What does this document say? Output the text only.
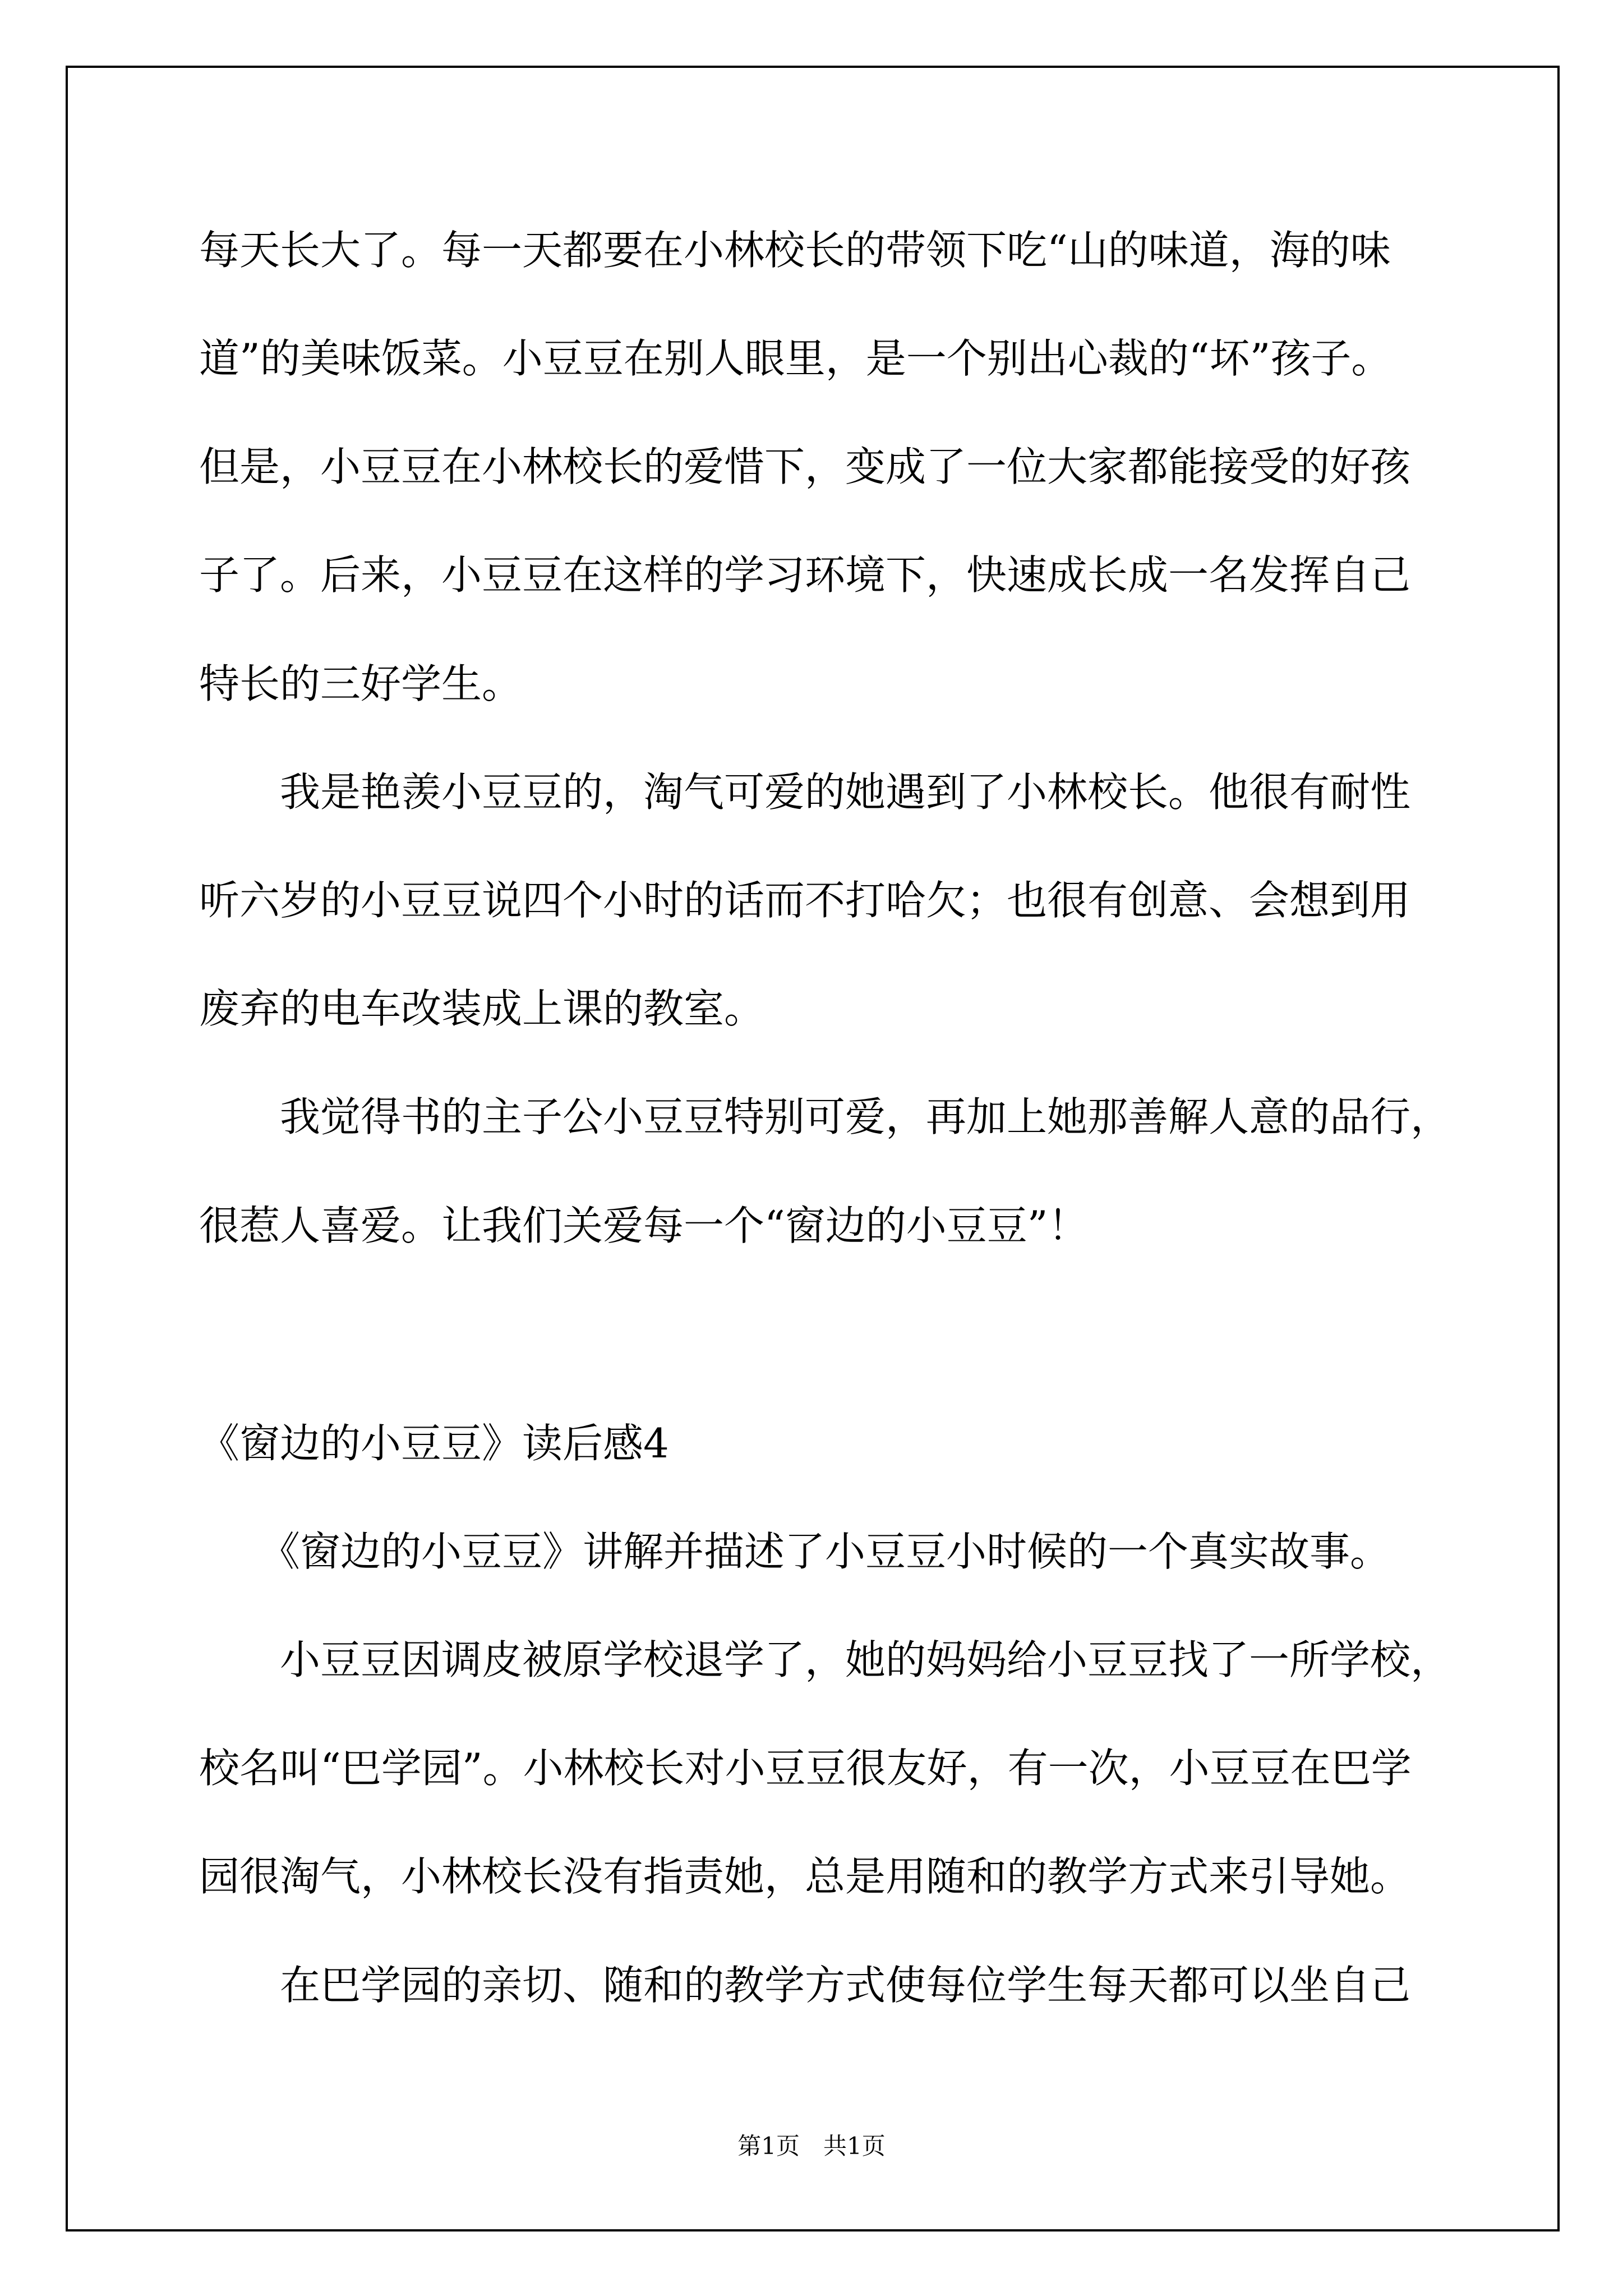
每天长大了。每一天都要在小林校长的带领下吃“山的味道，海的味

道”的美味饭菜。小豆豆在别人眼里，是一个别出心裁的“坏”孩子。

但是，小豆豆在小林校长的爱惜下，变成了一位大家都能接受的好孩

子了。后来，小豆豆在这样的学习环境下，快速成长成一名发挥自己

特长的三好学生。

　　我是艳羡小豆豆的，淘气可爱的她遇到了小林校长。他很有耐性

听六岁的小豆豆说四个小时的话而不打哈欠；也很有创意、会想到用

废弃的电车改装成上课的教室。

　　我觉得书的主子公小豆豆特别可爱，再加上她那善解人意的品行，

很惹人喜爱。让我们关爱每一个“窗边的小豆豆”！

《窗边的小豆豆》读后感4

　　《窗边的小豆豆》讲解并描述了小豆豆小时候的一个真实故事。

　　小豆豆因调皮被原学校退学了，她的妈妈给小豆豆找了一所学校，

校名叫“巴学园”。小林校长对小豆豆很友好，有一次，小豆豆在巴学

园很淘气，小林校长没有指责她，总是用随和的教学方式来引导她。

　　在巴学园的亲切、随和的教学方式使每位学生每天都可以坐自己

第1页　共1页
